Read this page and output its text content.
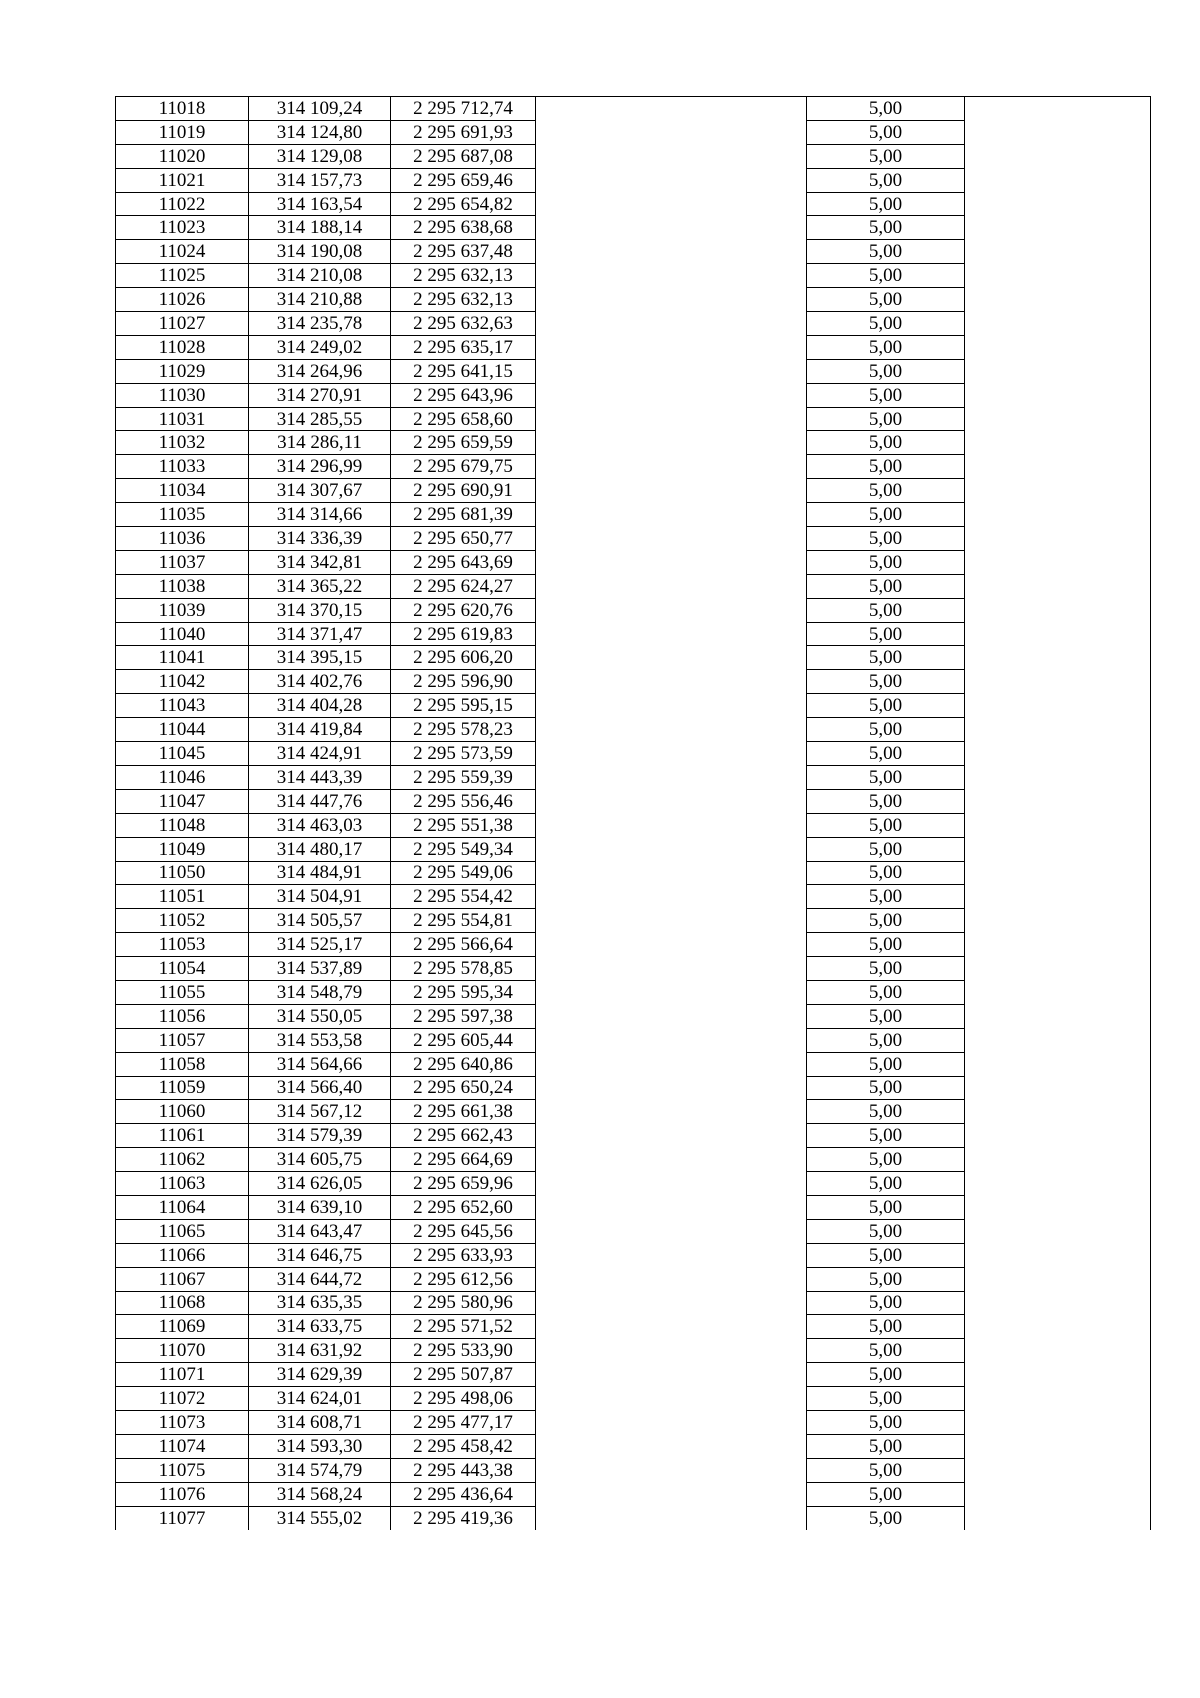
11018	314 109,24	2 295 712,74		5,00	
11019	314 124,80	2 295 691,93		5,00	
11020	314 129,08	2 295 687,08		5,00	
11021	314 157,73	2 295 659,46		5,00	
11022	314 163,54	2 295 654,82		5,00	
11023	314 188,14	2 295 638,68		5,00	
11024	314 190,08	2 295 637,48		5,00	
11025	314 210,08	2 295 632,13		5,00	
11026	314 210,88	2 295 632,13		5,00	
11027	314 235,78	2 295 632,63		5,00	
11028	314 249,02	2 295 635,17		5,00	
11029	314 264,96	2 295 641,15		5,00	
11030	314 270,91	2 295 643,96		5,00	
11031	314 285,55	2 295 658,60		5,00	
11032	314 286,11	2 295 659,59		5,00	
11033	314 296,99	2 295 679,75		5,00	
11034	314 307,67	2 295 690,91		5,00	
11035	314 314,66	2 295 681,39		5,00	
11036	314 336,39	2 295 650,77		5,00	
11037	314 342,81	2 295 643,69		5,00	
11038	314 365,22	2 295 624,27		5,00	
11039	314 370,15	2 295 620,76		5,00	
11040	314 371,47	2 295 619,83		5,00	
11041	314 395,15	2 295 606,20		5,00	
11042	314 402,76	2 295 596,90		5,00	
11043	314 404,28	2 295 595,15		5,00	
11044	314 419,84	2 295 578,23		5,00	
11045	314 424,91	2 295 573,59		5,00	
11046	314 443,39	2 295 559,39		5,00	
11047	314 447,76	2 295 556,46		5,00	
11048	314 463,03	2 295 551,38		5,00	
11049	314 480,17	2 295 549,34		5,00	
11050	314 484,91	2 295 549,06		5,00	
11051	314 504,91	2 295 554,42		5,00	
11052	314 505,57	2 295 554,81		5,00	
11053	314 525,17	2 295 566,64		5,00	
11054	314 537,89	2 295 578,85		5,00	
11055	314 548,79	2 295 595,34		5,00	
11056	314 550,05	2 295 597,38		5,00	
11057	314 553,58	2 295 605,44		5,00	
11058	314 564,66	2 295 640,86		5,00	
11059	314 566,40	2 295 650,24		5,00	
11060	314 567,12	2 295 661,38		5,00	
11061	314 579,39	2 295 662,43		5,00	
11062	314 605,75	2 295 664,69		5,00	
11063	314 626,05	2 295 659,96		5,00	
11064	314 639,10	2 295 652,60		5,00	
11065	314 643,47	2 295 645,56		5,00	
11066	314 646,75	2 295 633,93		5,00	
11067	314 644,72	2 295 612,56		5,00	
11068	314 635,35	2 295 580,96		5,00	
11069	314 633,75	2 295 571,52		5,00	
11070	314 631,92	2 295 533,90		5,00	
11071	314 629,39	2 295 507,87		5,00	
11072	314 624,01	2 295 498,06		5,00	
11073	314 608,71	2 295 477,17		5,00	
11074	314 593,30	2 295 458,42		5,00	
11075	314 574,79	2 295 443,38		5,00	
11076	314 568,24	2 295 436,64		5,00	
11077	314 555,02	2 295 419,36		5,00	
